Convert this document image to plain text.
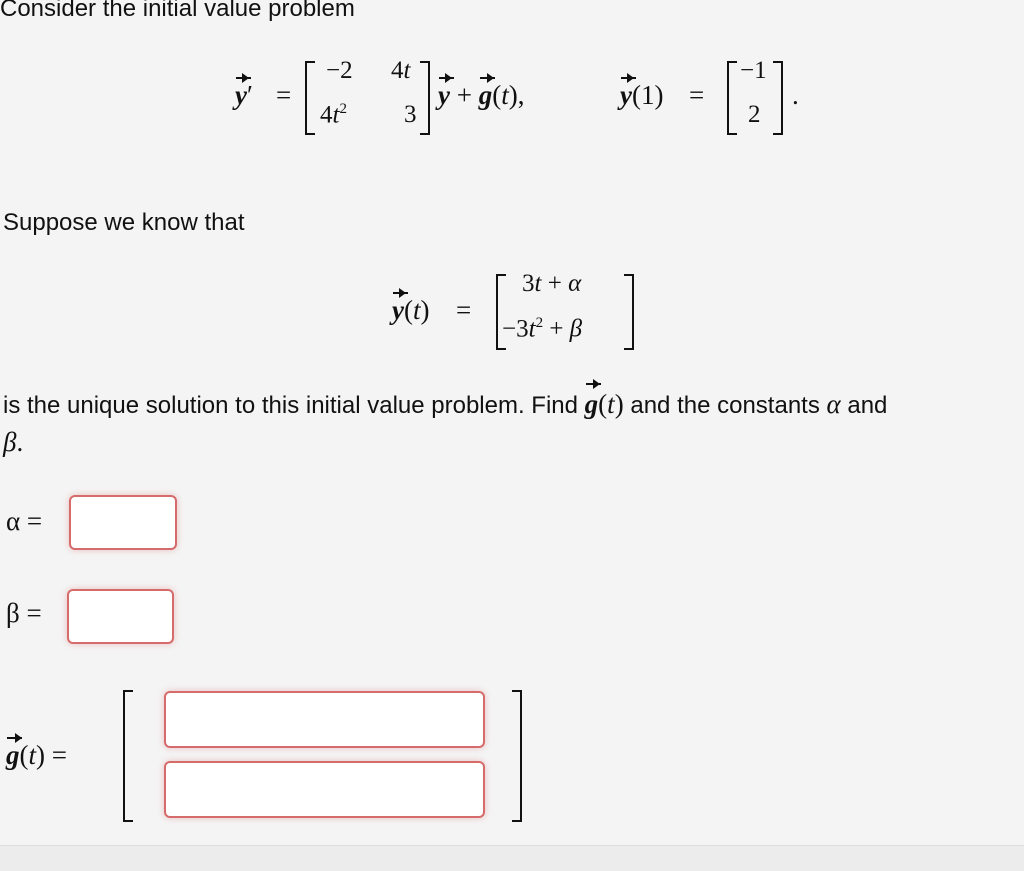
Consider the initial value problem
y′ =
−2 4t
$4t^2$ 3
y + g(t),	y(1) =
−1
2
.
Suppose we know that
y(t) =
3t + α
$-3t^2 + \beta$
is the unique solution to this initial value problem. Find g(t) and the constants α and
β.
α =
β =
g(t) =
